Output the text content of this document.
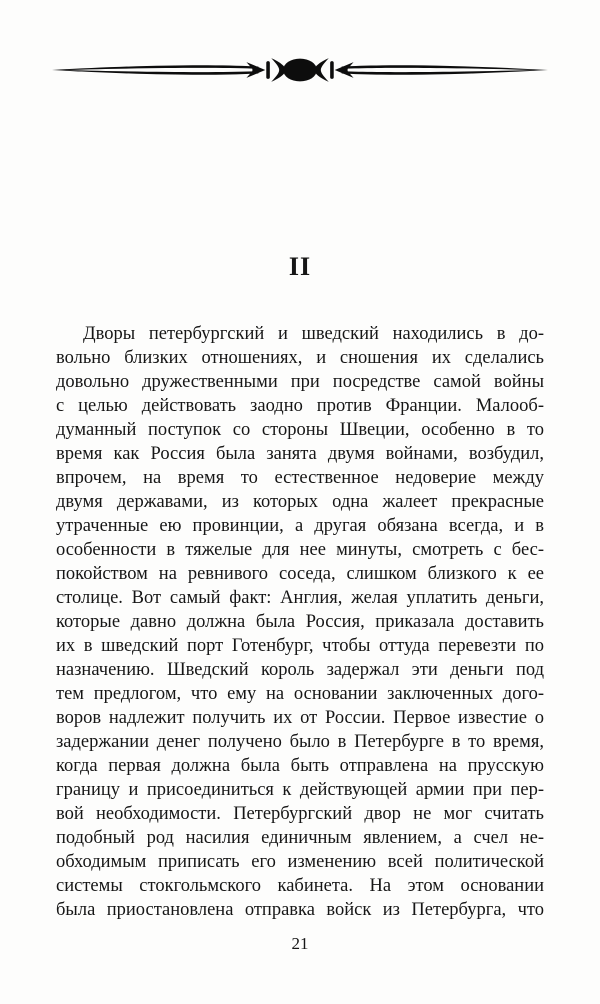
II
Дворы петербургский и шведский находились в до-
вольно близких отношениях, и сношения их сделались
довольно дружественными при посредстве самой войны
с целью действовать заодно против Франции. Малооб-
думанный поступок со стороны Швеции, особенно в то
время как Россия была занята двумя войнами, возбудил,
впрочем, на время то естественное недоверие между
двумя державами, из которых одна жалеет прекрасные
утраченные ею провинции, а другая обязана всегда, и в
особенности в тяжелые для нее минуты, смотреть с бес-
покойством на ревнивого соседа, слишком близкого к ее
столице. Вот самый факт: Англия, желая уплатить деньги,
которые давно должна была Россия, приказала доставить
их в шведский порт Готенбург, чтобы оттуда перевезти по
назначению. Шведский король задержал эти деньги под
тем предлогом, что ему на основании заключенных дого-
воров надлежит получить их от России. Первое известие о
задержании денег получено было в Петербурге в то время,
когда первая должна была быть отправлена на прусскую
границу и присоединиться к действующей армии при пер-
вой необходимости. Петербургский двор не мог считать
подобный род насилия единичным явлением, а счел не-
обходимым приписать его изменению всей политической
системы стокгольмского кабинета. На этом основании
была приостановлена отправка войск из Петербурга, что
21
